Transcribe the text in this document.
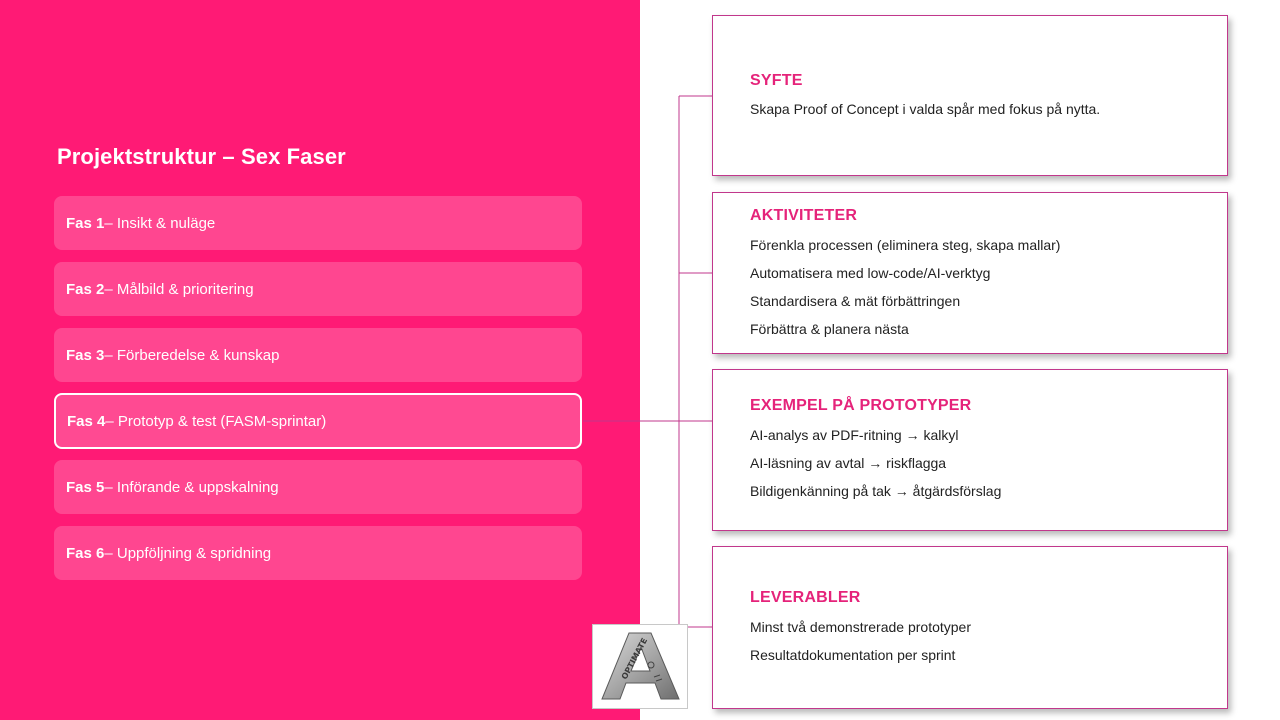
Projektstruktur – Sex Faser
Fas 1 – Insikt & nuläge
Fas 2 – Målbild & prioritering
Fas 3 – Förberedelse & kunskap
Fas 4 – Prototyp & test (FASM-sprintar)
Fas 5 – Införande & uppskalning
Fas 6 – Uppföljning & spridning
SYFTE

Skapa Proof of Concept i valda spår med fokus på nytta.

AKTIVITETER

Förenkla processen (eliminera steg, skapa mallar)

Automatisera med low-code/AI-verktyg

Standardisera & mät förbättringen

Förbättra & planera nästa

EXEMPEL PÅ PROTOTYPER

AI-analys av PDF-ritning → kalkyl

AI-läsning av avtal → riskflagga

Bildigenkänning på tak → åtgärdsförslag

LEVERABLER

Minst två demonstrerade prototyper

Resultatdokumentation per sprint

OPTIMATE
